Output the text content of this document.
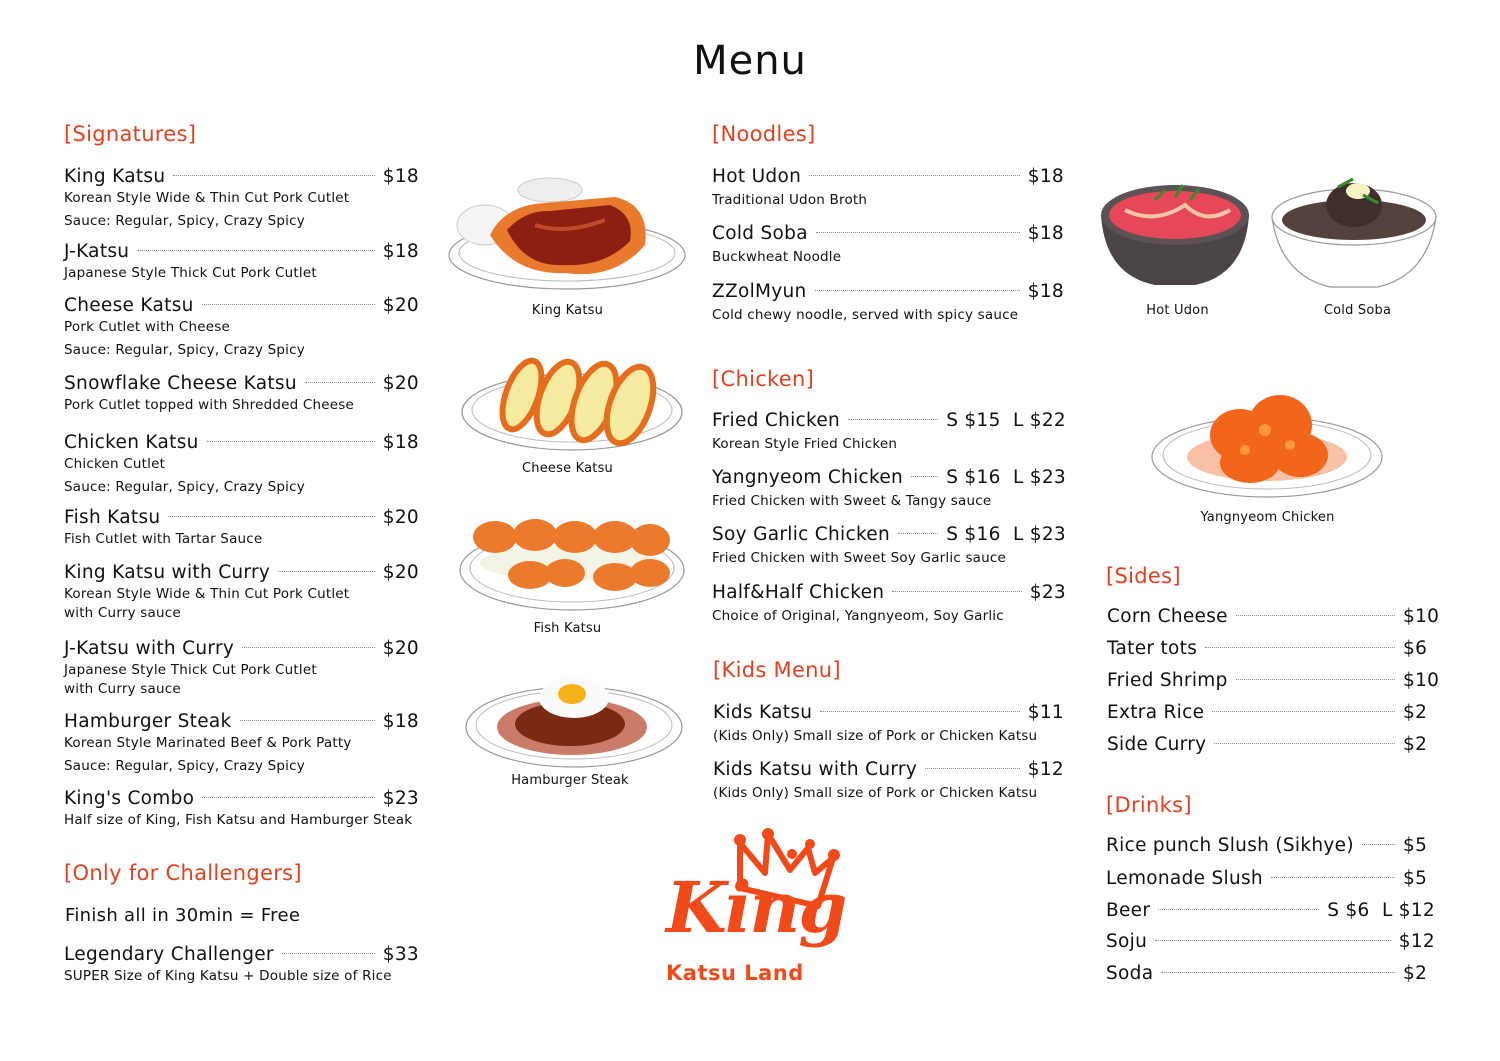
Menu
[Signatures]
King Katsu	$18
Korean Style Wide & Thin Cut Pork Cutlet
Sauce: Regular, Spicy, Crazy Spicy
J-Katsu	$18
Japanese Style Thick Cut Pork Cutlet
Cheese Katsu	$20
Pork Cutlet with Cheese
Sauce: Regular, Spicy, Crazy Spicy
Snowflake Cheese Katsu	$20
Pork Cutlet topped with Shredded Cheese
Chicken Katsu	$18
Chicken Cutlet
Sauce: Regular, Spicy, Crazy Spicy
Fish Katsu	$20
Fish Cutlet with Tartar Sauce
King Katsu with Curry	$20
Korean Style Wide & Thin Cut Pork Cutlet
with Curry sauce
J-Katsu with Curry	$20
Japanese Style Thick Cut Pork Cutlet
with Curry sauce
Hamburger Steak	$18
Korean Style Marinated Beef & Pork Patty
Sauce: Regular, Spicy, Crazy Spicy
King's Combo	$23
Half size of King, Fish Katsu and Hamburger Steak
[Only for Challengers]
Finish all in 30min = Free
Legendary Challenger	$33
SUPER Size of King Katsu + Double size of Rice
King Katsu
Cheese Katsu
Fish Katsu
Hamburger Steak
[Noodles]
Hot Udon	$18
Traditional Udon Broth
Cold Soba	$18
Buckwheat Noodle
ZZolMyun	$18
Cold chewy noodle, served with spicy sauce
[Chicken]
Fried Chicken	S $15  L $22
Korean Style Fried Chicken
Yangnyeom Chicken S $16  L $23
Fried Chicken with Sweet & Tangy sauce
Soy Garlic Chicken	S $16  L $23
Fried Chicken with Sweet Soy Garlic sauce
Half&Half Chicken	$23
Choice of Original, Yangnyeom, Soy Garlic
[Kids Menu]
Kids Katsu	$11
(Kids Only) Small size of Pork or Chicken Katsu
Kids Katsu with Curry	$12
(Kids Only) Small size of Pork or Chicken Katsu
King
Katsu Land
Hot Udon	Cold Soba
Yangnyeom Chicken
[Sides]
Corn Cheese	$10
Tater tots	$6
Fried Shrimp	$10
Extra Rice	$2
Side Curry	$2
[Drinks]
Rice punch Slush (Sikhye)	$5
Lemonade Slush	$5
Beer	S $6  L $12
Soju	$12
Soda	$2
